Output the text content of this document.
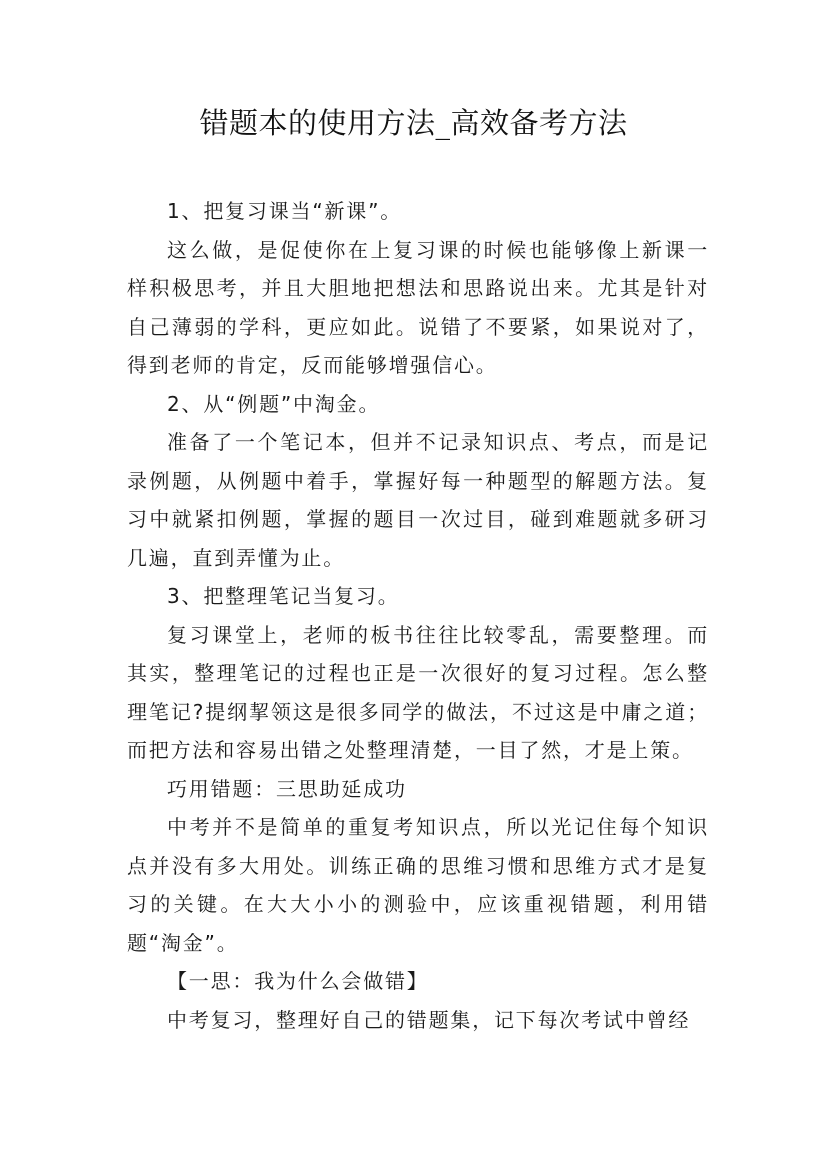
错题本的使用方法_高效备考方法

1、把复习课当“新课”。

这么做，是促使你在上复习课的时候也能够像上新课一样积极思考，并且大胆地把想法和思路说出来。尤其是针对自己薄弱的学科，更应如此。说错了不要紧，如果说对了，得到老师的肯定，反而能够增强信心。

2、从“例题”中淘金。

准备了一个笔记本，但并不记录知识点、考点，而是记录例题，从例题中着手，掌握好每一种题型的解题方法。复习中就紧扣例题，掌握的题目一次过目，碰到难题就多研习几遍，直到弄懂为止。

3、把整理笔记当复习。

复习课堂上，老师的板书往往比较零乱，需要整理。而其实，整理笔记的过程也正是一次很好的复习过程。怎么整理笔记?提纲挈领这是很多同学的做法，不过这是中庸之道；而把方法和容易出错之处整理清楚，一目了然，才是上策。

巧用错题：三思助延成功

中考并不是简单的重复考知识点，所以光记住每个知识点并没有多大用处。训练正确的思维习惯和思维方式才是复习的关键。在大大小小的测验中，应该重视错题，利用错题“淘金”。

【一思：我为什么会做错】

中考复习，整理好自己的错题集，记下每次考试中曾经
